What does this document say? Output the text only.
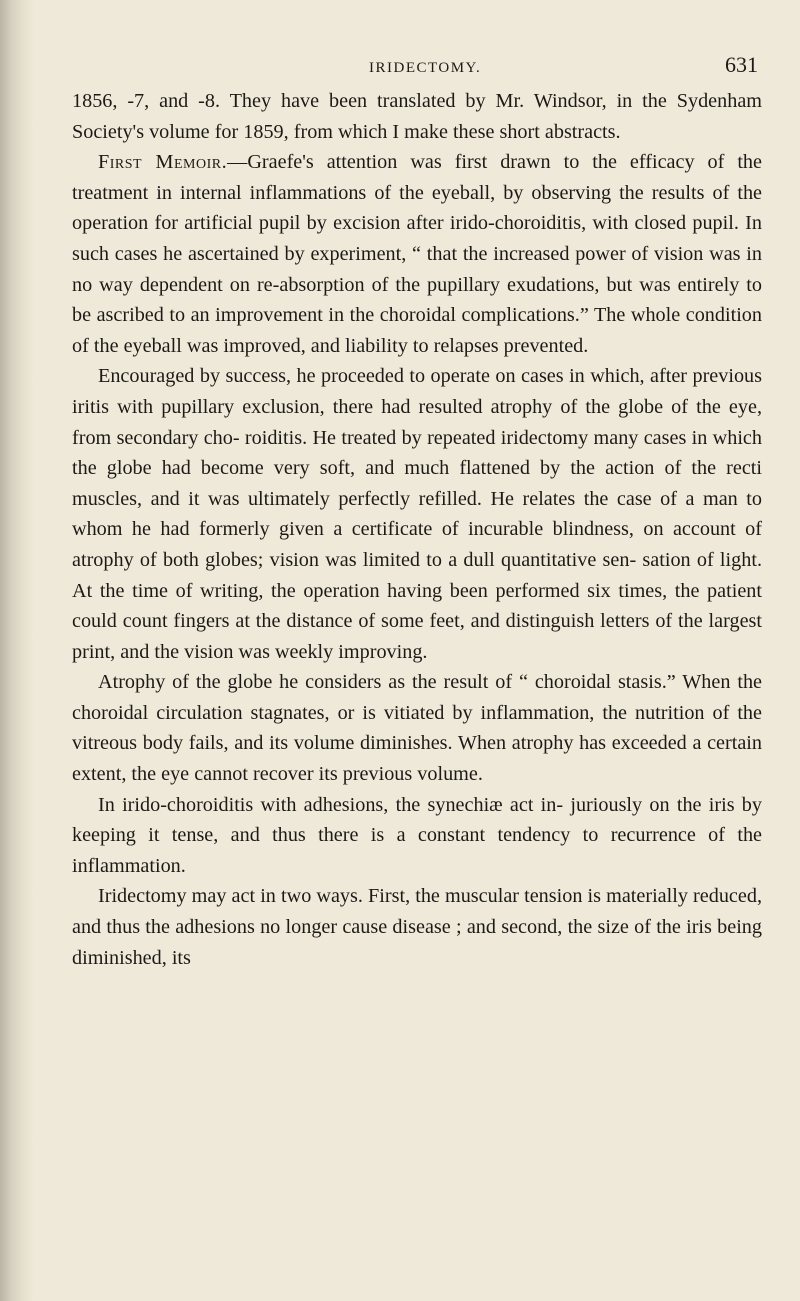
IRIDECTOMY.	631

1856, -7, and -8. They have been translated by Mr. Windsor, in the Sydenham Society's volume for 1859, from which I make these short abstracts.

First Memoir.—Graefe's attention was first drawn to the efficacy of the treatment in internal inflammations of the eyeball, by observing the results of the operation for artificial pupil by excision after irido-choroiditis, with closed pupil. In such cases he ascertained by experiment, “ that the increased power of vision was in no way dependent on re-absorption of the pupillary exudations, but was entirely to be ascribed to an improvement in the choroidal complications.” The whole condition of the eyeball was improved, and liability to relapses prevented.

Encouraged by success, he proceeded to operate on cases in which, after previous iritis with pupillary exclusion, there had resulted atrophy of the globe of the eye, from secondary cho- roiditis. He treated by repeated iridectomy many cases in which the globe had become very soft, and much flattened by the action of the recti muscles, and it was ultimately perfectly refilled. He relates the case of a man to whom he had formerly given a certificate of incurable blindness, on account of atrophy of both globes; vision was limited to a dull quantitative sen- sation of light. At the time of writing, the operation having been performed six times, the patient could count fingers at the distance of some feet, and distinguish letters of the largest print, and the vision was weekly improving.

Atrophy of the globe he considers as the result of “ choroidal stasis.” When the choroidal circulation stagnates, or is vitiated by inflammation, the nutrition of the vitreous body fails, and its volume diminishes. When atrophy has exceeded a certain extent, the eye cannot recover its previous volume.

In irido-choroiditis with adhesions, the synechiæ act in- juriously on the iris by keeping it tense, and thus there is a constant tendency to recurrence of the inflammation.

Iridectomy may act in two ways. First, the muscular tension is materially reduced, and thus the adhesions no longer cause disease ; and second, the size of the iris being diminished, its
